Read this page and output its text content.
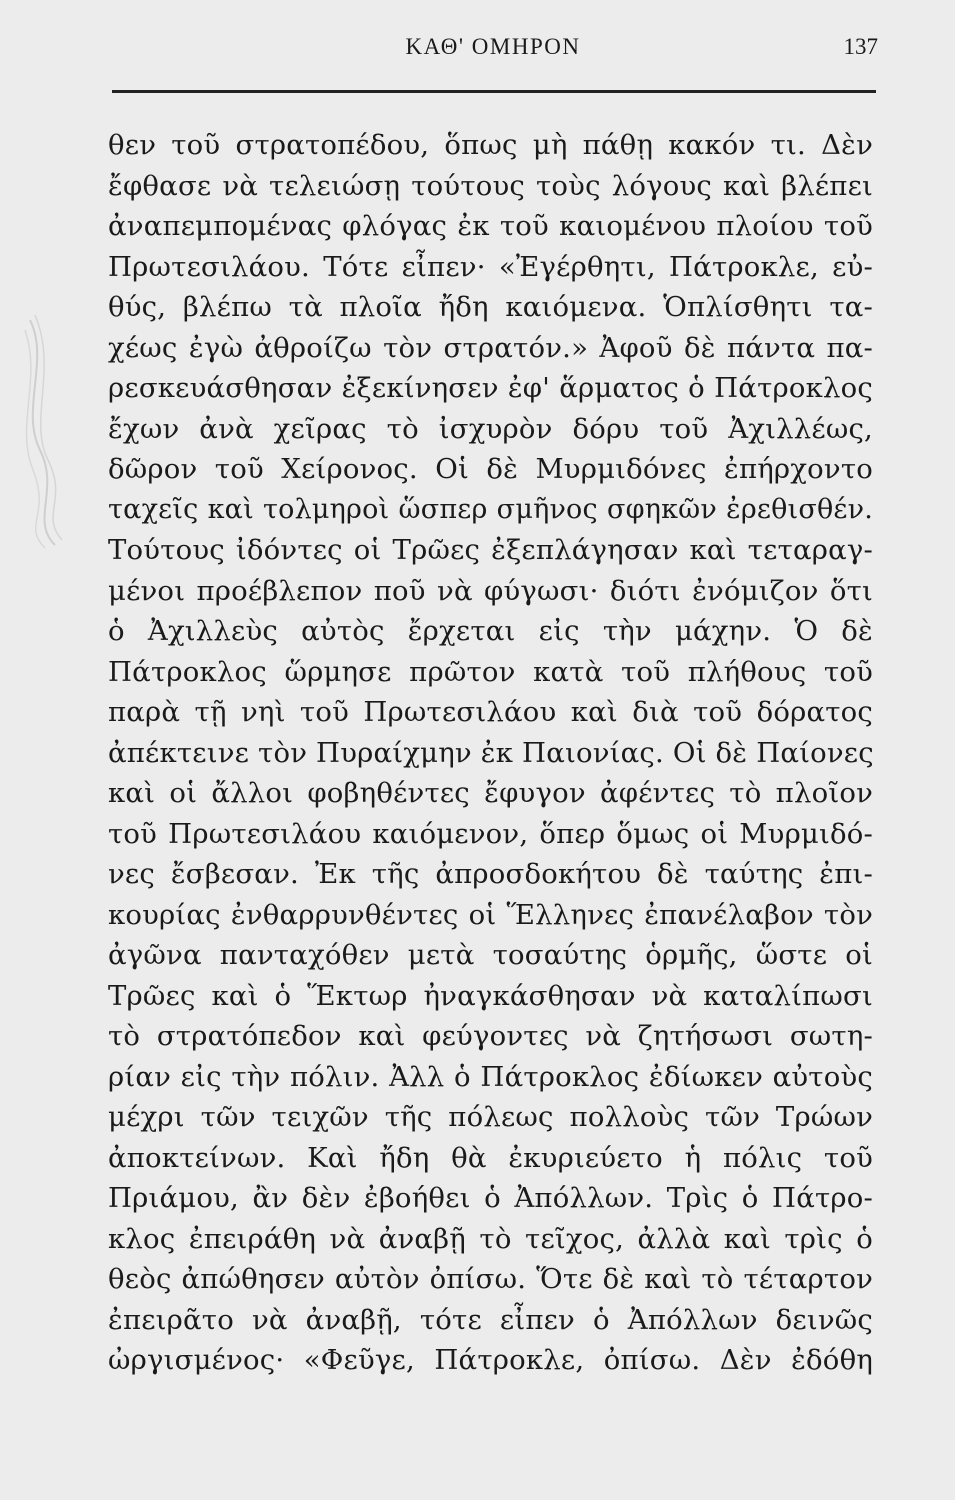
ΚΑΘ' ΟΜΗΡΟΝ	137
θεν τοῦ στρατοπέδου, ὅπως μὴ πάθῃ κακόν τι. Δὲν
ἔφθασε νὰ τελειώσῃ τούτους τοὺς λόγους καὶ βλέπει
ἀναπεμπομένας φλόγας ἐκ τοῦ καιομένου πλοίου τοῦ
Πρωτεσιλάου. Τότε εἶπεν· «Ἐγέρθητι, Πάτροκλε, εὐ-
θύς, βλέπω τὰ πλοῖα ἤδη καιόμενα. Ὁπλίσθητι τα-
χέως ἐγὼ ἀθροίζω τὸν στρατόν.» Ἀφοῦ δὲ πάντα πα-
ρεσκευάσθησαν ἐξεκίνησεν ἐφ' ἅρματος ὁ Πάτροκλος
ἔχων ἀνὰ χεῖρας τὸ ἰσχυρὸν δόρυ τοῦ Ἀχιλλέως,
δῶρον τοῦ Χείρονος. Οἱ δὲ Μυρμιδόνες ἐπήρχοντο
ταχεῖς καὶ τολμηροὶ ὥσπερ σμῆνος σφηκῶν ἐρεθισθέν.
Τούτους ἰδόντες οἱ Τρῶες ἐξεπλάγησαν καὶ τεταραγ-
μένοι προέβλεπον ποῦ νὰ φύγωσι· διότι ἐνόμιζον ὅτι
ὁ Ἀχιλλεὺς αὐτὸς ἔρχεται εἰς τὴν μάχην. Ὁ δὲ
Πάτροκλος ὥρμησε πρῶτον κατὰ τοῦ πλήθους τοῦ
παρὰ τῇ νηὶ τοῦ Πρωτεσιλάου καὶ διὰ τοῦ δόρατος
ἀπέκτεινε τὸν Πυραίχμην ἐκ Παιονίας. Οἱ δὲ Παίονες
καὶ οἱ ἄλλοι φοβηθέντες ἔφυγον ἀφέντες τὸ πλοῖον
τοῦ Πρωτεσιλάου καιόμενον, ὅπερ ὅμως οἱ Μυρμιδό-
νες ἔσβεσαν. Ἐκ τῆς ἀπροσδοκήτου δὲ ταύτης ἐπι-
κουρίας ἐνθαρρυνθέντες οἱ Ἕλληνες ἐπανέλαβον τὸν
ἀγῶνα πανταχόθεν μετὰ τοσαύτης ὁρμῆς, ὥστε οἱ
Τρῶες καὶ ὁ Ἕκτωρ ἠναγκάσθησαν νὰ καταλίπωσι
τὸ στρατόπεδον καὶ φεύγοντες νὰ ζητήσωσι σωτη-
ρίαν εἰς τὴν πόλιν. Ἀλλ ὁ Πάτροκλος ἐδίωκεν αὐτοὺς
μέχρι τῶν τειχῶν τῆς πόλεως πολλοὺς τῶν Τρώων
ἀποκτείνων. Καὶ ἤδη θὰ ἐκυριεύετο ἡ πόλις τοῦ
Πριάμου, ἂν δὲν ἐβοήθει ὁ Ἀπόλλων. Τρὶς ὁ Πάτρο-
κλος ἐπειράθη νὰ ἀναβῇ τὸ τεῖχος, ἀλλὰ καὶ τρὶς ὁ
θεὸς ἀπώθησεν αὐτὸν ὀπίσω. Ὅτε δὲ καὶ τὸ τέταρτον
ἐπειρᾶτο νὰ ἀναβῇ, τότε εἶπεν ὁ Ἀπόλλων δεινῶς
ὠργισμένος· «Φεῦγε, Πάτροκλε, ὀπίσω. Δὲν ἐδόθη
